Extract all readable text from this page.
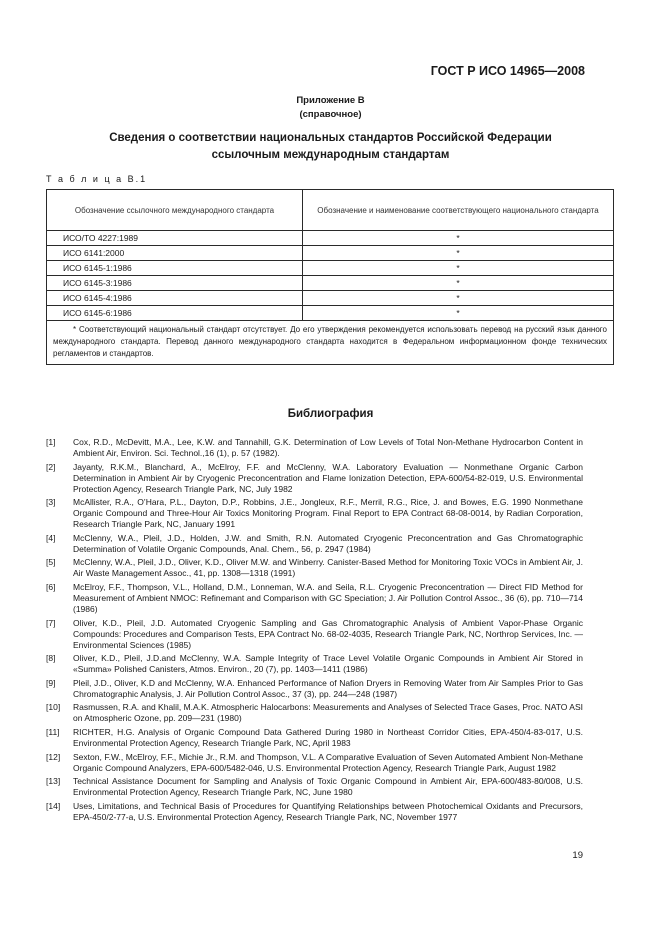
ГОСТ Р ИСО 14965—2008
Приложение В
(справочное)
Сведения о соответствии национальных стандартов Российской Федерации ссылочным международным стандартам
Т а б л и ц а В.1
Обозначение ссылочного международного стандарта	Обозначение и наименование соответствующего национального стандарта
ИСО/ТО 4227:1989	*
ИСО 6141:2000	*
ИСО 6145-1:1986	*
ИСО 6145-3:1986	*
ИСО 6145-4:1986	*
ИСО 6145-6:1986	*
* Соответствующий национальный стандарт отсутствует. До его утверждения рекомендуется использовать перевод на русский язык данного международного стандарта. Перевод данного международного стандарта находится в Федеральном информационном фонде технических регламентов и стандартов.	
Библиография
[1]	Cox, R.D., McDevitt, M.A., Lee, K.W. and Tannahill, G.K. Determination of Low Levels of Total Non-Methane Hydrocarbon Content in Ambient Air, Environ. Sci. Technol.,16 (1), p. 57 (1982).
[2]	Jayanty, R.K.M., Blanchard, A., McElroy, F.F. and McClenny, W.A. Laboratory Evaluation — Nonmethane Organic Carbon Determination in Ambient Air by Cryogenic Preconcentration and Flame Ionization Detection, EPA-600/54-82-019, U.S. Environmental Protection Agency, Research Triangle Park, NC, July 1982
[3]	McAllister, R.A., O’Hara, P.L., Dayton, D.P., Robbins, J.E., Jongleux, R.F., Merril, R.G., Rice, J. and Bowes, E.G. 1990 Nonmethane Organic Compound and Three-Hour Air Toxics Monitoring Program. Final Report to EPA Contract 68-08-0014, by Radian Corporation, Research Triangle Park, NC, January 1991
[4]	McClenny, W.A., Pleil, J.D., Holden, J.W. and Smith, R.N. Automated Cryogenic Preconcentration and Gas Chromatographic Determination of Volatile Organic Compounds, Anal. Chem., 56, p. 2947 (1984)
[5]	McClenny, W.A., Pleil, J.D., Oliver, K.D., Oliver M.W. and Winberry. Canister-Based Method for Monitoring Toxic VOCs in Ambient Air, J. Air Waste Management Assoc., 41, pp. 1308—1318 (1991)
[6]	McElroy, F.F., Thompson, V.L., Holland, D.M., Lonneman, W.A. and Seila, R.L. Cryogenic Preconcentration — Direct FID Method for Measurement of Ambient NMOC: Refinemant and Comparison with GC Speciation; J. Air Pollution Control Assoc., 36 (6), pp. 710—714 (1986)
[7]	Oliver, K.D., Pleil, J.D. Automated Cryogenic Sampling and Gas Chromatographic Analysis of Ambient Vapor-Phase Organic Compounds: Procedures and Comparison Tests, EPA Contract No. 68-02-4035, Research Triangle Park, NC, Northrop Services, Inc. — Environmental Sciences (1985)
[8]	Oliver, K.D., Pleil, J.D.and McClenny, W.A. Sample Integrity of Trace Level Volatile Organic Compounds in Ambient Air Stored in «Summa» Polished Canisters, Atmos. Environ., 20 (7), pp. 1403—1411 (1986)
[9]	Pleil, J.D., Oliver, K.D and McClenny, W.A. Enhanced Performance of Nafion Dryers in Removing Water from Air Samples Prior to Gas Chromatographic Analysis, J. Air Pollution Control Assoc., 37 (3), pp. 244—248 (1987)
[10]	Rasmussen, R.A. and Khalil, M.A.K. Atmospheric Halocarbons: Measurements and Analyses of Selected Trace Gases, Proc. NATO ASI on Atmospheric Ozone, pp. 209—231 (1980)
[11]	RICHTER, H.G. Analysis of Organic Compound Data Gathered During 1980 in Northeast Corridor Cities, EPA-450/4-83-017, U.S. Environmental Protection Agency, Research Triangle Park, NC, April 1983
[12]	Sexton, F.W., McElroy, F.F., Michie Jr., R.M. and Thompson, V.L. A Comparative Evaluation of Seven Automated Ambient Non-Methane Organic Compound Analyzers, EPA-600/5482-046, U.S. Environmental Protection Agency, Research Triangle Park, August 1982
[13]	Technical Assistance Document for Sampling and Analysis of Toxic Organic Compound in Ambient Air, EPA-600/483-80/008, U.S. Environmental Protection Agency, Research Triangle Park, NC, June 1980
[14]	Uses, Limitations, and Technical Basis of Procedures for Quantifying Relationships between Photochemical Oxidants and Precursors, EPA-450/2-77-a, U.S. Environmental Protection Agency, Research Triangle Park, NC, November 1977
19
